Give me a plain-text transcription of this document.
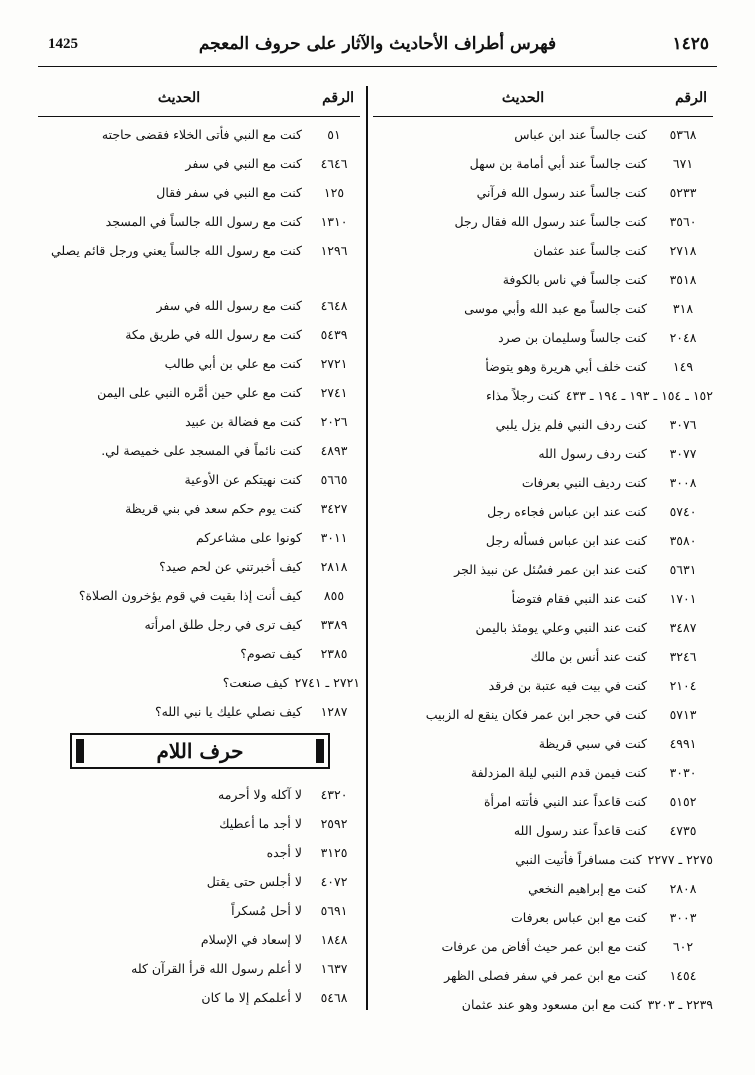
1425	فهرس أطراف الأحاديث والآثار على حروف المعجم	١٤٢٥
الرقم
الحديث
٥٣٦٨
كنت جالساً عند ابن عباس
٦٧١
كنت جالساً عند أبي أمامة بن سهل
٥٢٣٣
كنت جالساً عند رسول الله فرآني
٣٥٦٠
كنت جالساً عند رسول الله فقال رجل
٢٧١٨
كنت جالساً عند عثمان
٣٥١٨
كنت جالساً في ناس بالكوفة
٣١٨
كنت جالساً مع عبد الله وأبي موسى
٢٠٤٨
كنت جالساً وسليمان بن صرد
١٤٩
كنت خلف أبي هريرة وهو يتوضأ
١٥٢ ـ ١٥٤ ـ ١٩٣ ـ ١٩٤ ـ ٤٣٣
كنت رجلاً مذاء
٣٠٧٦
كنت ردف النبي فلم يزل يلبي
٣٠٧٧
كنت ردف رسول الله
٣٠٠٨
كنت رديف النبي بعرفات
٥٧٤٠
كنت عند ابن عباس فجاءه رجل
٣٥٨٠
كنت عند ابن عباس فسأله رجل
٥٦٣١
كنت عند ابن عمر فسُئل عن نبيذ الجر
١٧٠١
كنت عند النبي فقام فتوضأ
٣٤٨٧
كنت عند النبي وعلي يومئذ باليمن
٣٢٤٦
كنت عند أنس بن مالك
٢١٠٤
كنت في بيت فيه عتبة بن فرقد
٥٧١٣
كنت في حجر ابن عمر فكان ينقع له الزبيب
٤٩٩١
كنت في سبي قريظة
٣٠٣٠
كنت فيمن قدم النبي ليلة المزدلفة
٥١٥٢
كنت قاعداً عند النبي فأتته امرأة
٤٧٣٥
كنت قاعداً عند رسول الله
٢٢٧٥ ـ ٢٢٧٧
كنت مسافراً فأتيت النبي
٢٨٠٨
كنت مع إبراهيم النخعي
٣٠٠٣
كنت مع ابن عباس بعرفات
٦٠٢
كنت مع ابن عمر حيث أفاض من عرفات
١٤٥٤
كنت مع ابن عمر في سفر فصلى الظهر
٢٢٣٩ ـ ٣٢٠٣
كنت مع ابن مسعود وهو عند عثمان
الرقم
الحديث
٥١
كنت مع النبي فأتى الخلاء فقضى حاجته
٤٦٤٦
كنت مع النبي في سفر
١٢٥
كنت مع النبي في سفر فقال
١٣١٠
كنت مع رسول الله جالساً في المسجد
١٢٩٦
كنت مع رسول الله جالساً يعني ورجل قائم يصلي
٤٦٤٨
كنت مع رسول الله في سفر
٥٤٣٩
كنت مع رسول الله في طريق مكة
٢٧٢١
كنت مع علي بن أبي طالب
٢٧٤١
كنت مع علي حين أمَّره النبي على اليمن
٢٠٢٦
كنت مع فضالة بن عبيد
٤٨٩٣
كنت نائماً في المسجد على خميصة لي.
٥٦٦٥
كنت نهيتكم عن الأوعية
٣٤٢٧
كنت يوم حكم سعد في بني قريظة
٣٠١١
كونوا على مشاعركم
٢٨١٨
كيف أخبرتني عن لحم صيد؟
٨٥٥
كيف أنت إذا بقيت في قوم يؤخرون الصلاة؟
٣٣٨٩
كيف ترى في رجل طلق امرأته
٢٣٨٥
كيف تصوم؟
٢٧٢١ ـ ٢٧٤١
كيف صنعت؟
١٢٨٧
كيف نصلي عليك يا نبي الله؟
حرف اللام
٤٣٢٠
لا آكله ولا أحرمه
٢٥٩٢
لا أجد ما أعطيك
٣١٢٥
لا أجده
٤٠٧٢
لا أجلس حتى يقتل
٥٦٩١
لا أحل مُسكراً
١٨٤٨
لا إسعاد في الإسلام
١٦٣٧
لا أعلم رسول الله قرأ القرآن كله
٥٤٦٨
لا أعلمكم إلا ما كان
